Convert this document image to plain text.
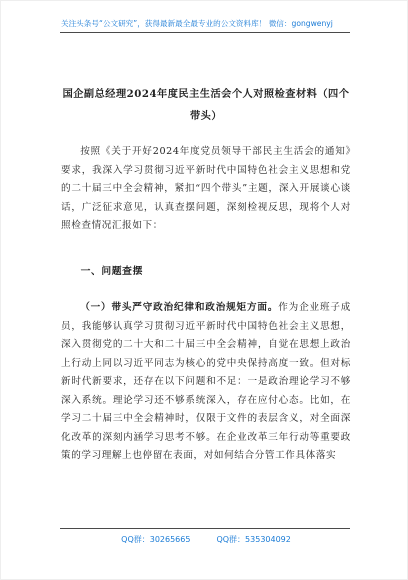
关注头条号“公文研究”，获得最新最全最专业的公文资料库！ 微信：gongwenyj
国企副总经理2024年度民主生活会个人对照检查材料（四个带头）
按照《关于开好2024年度党员领导干部民主生活会的通知》要求，我深入学习贯彻习近平新时代中国特色社会主义思想和党的二十届三中全会精神，紧扣“四个带头”主题，深入开展谈心谈话，广泛征求意见，认真查摆问题，深刻检视反思，现将个人对照检查情况汇报如下：
一、问题查摆
（一）带头严守政治纪律和政治规矩方面。作为企业班子成员，我能够认真学习贯彻习近平新时代中国特色社会主义思想，深入贯彻党的二十大和二十届三中全会精神，自觉在思想上政治上行动上同以习近平同志为核心的党中央保持高度一致。但对标新时代新要求，还存在以下问题和不足：一是政治理论学习不够深入系统。理论学习还不够系统深入，存在应付心态。比如，在学习二十届三中全会精神时，仅限于文件的表层含义，对全面深化改革的深刻内涵学习思考不够。在企业改革三年行动等重要政策的学习理解上也停留在表面，对如何结合分管工作具体落实
QQ群：30265665	QQ群：535304092
